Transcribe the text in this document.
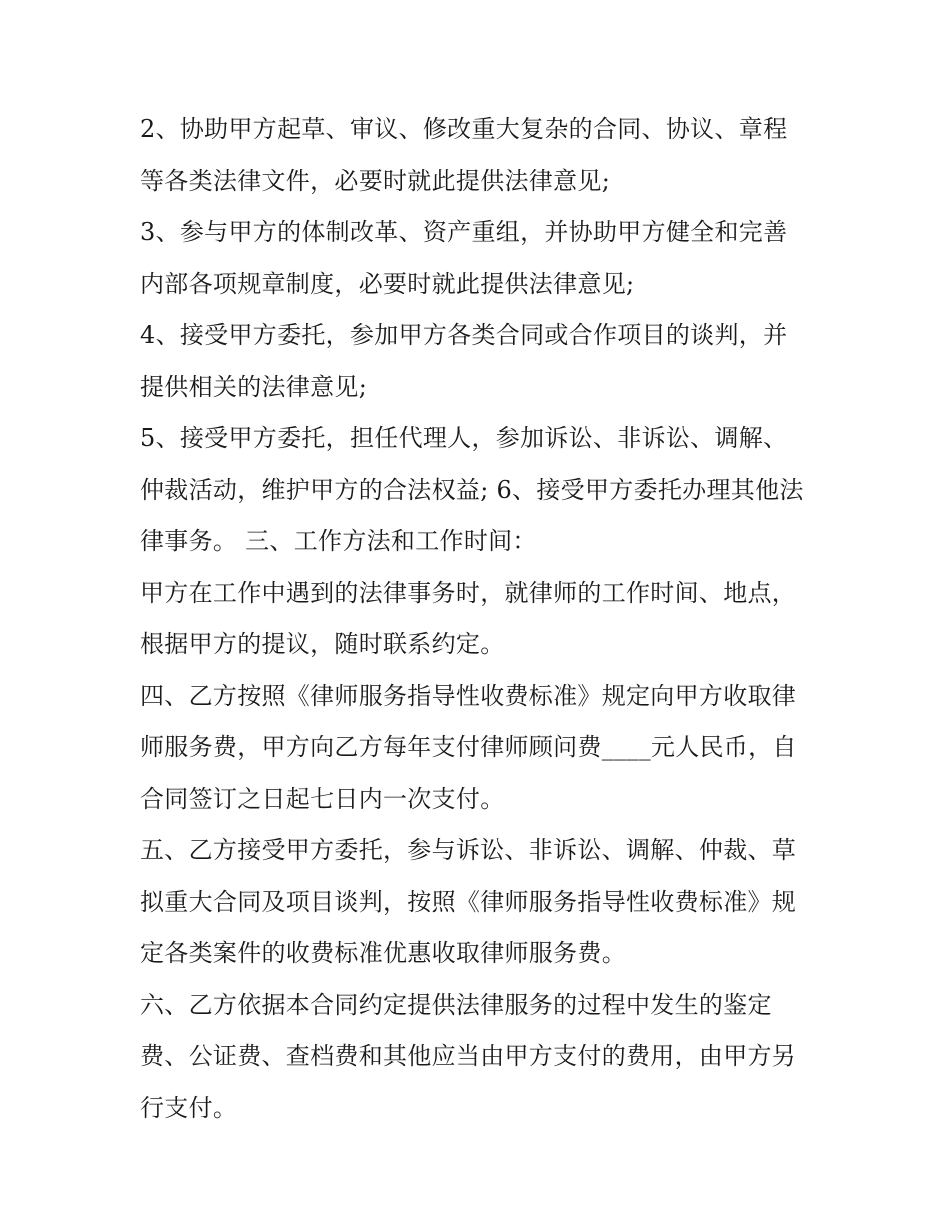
2、协助甲方起草、审议、修改重大复杂的合同、协议、章程
等各类法律文件，必要时就此提供法律意见;
3、参与甲方的体制改革、资产重组，并协助甲方健全和完善
内部各项规章制度，必要时就此提供法律意见;
4、接受甲方委托，参加甲方各类合同或合作项目的谈判，并
提供相关的法律意见;
5、接受甲方委托，担任代理人，参加诉讼、非诉讼、调解、
仲裁活动，维护甲方的合法权益; 6、接受甲方委托办理其他法
律事务。 三、工作方法和工作时间：
甲方在工作中遇到的法律事务时，就律师的工作时间、地点，
根据甲方的提议，随时联系约定。
四、乙方按照《律师服务指导性收费标准》规定向甲方收取律
师服务费，甲方向乙方每年支付律师顾问费____元人民币，自
合同签订之日起七日内一次支付。
五、乙方接受甲方委托，参与诉讼、非诉讼、调解、仲裁、草
拟重大合同及项目谈判，按照《律师服务指导性收费标准》规
定各类案件的收费标准优惠收取律师服务费。
六、乙方依据本合同约定提供法律服务的过程中发生的鉴定
费、公证费、查档费和其他应当由甲方支付的费用，由甲方另
行支付。
